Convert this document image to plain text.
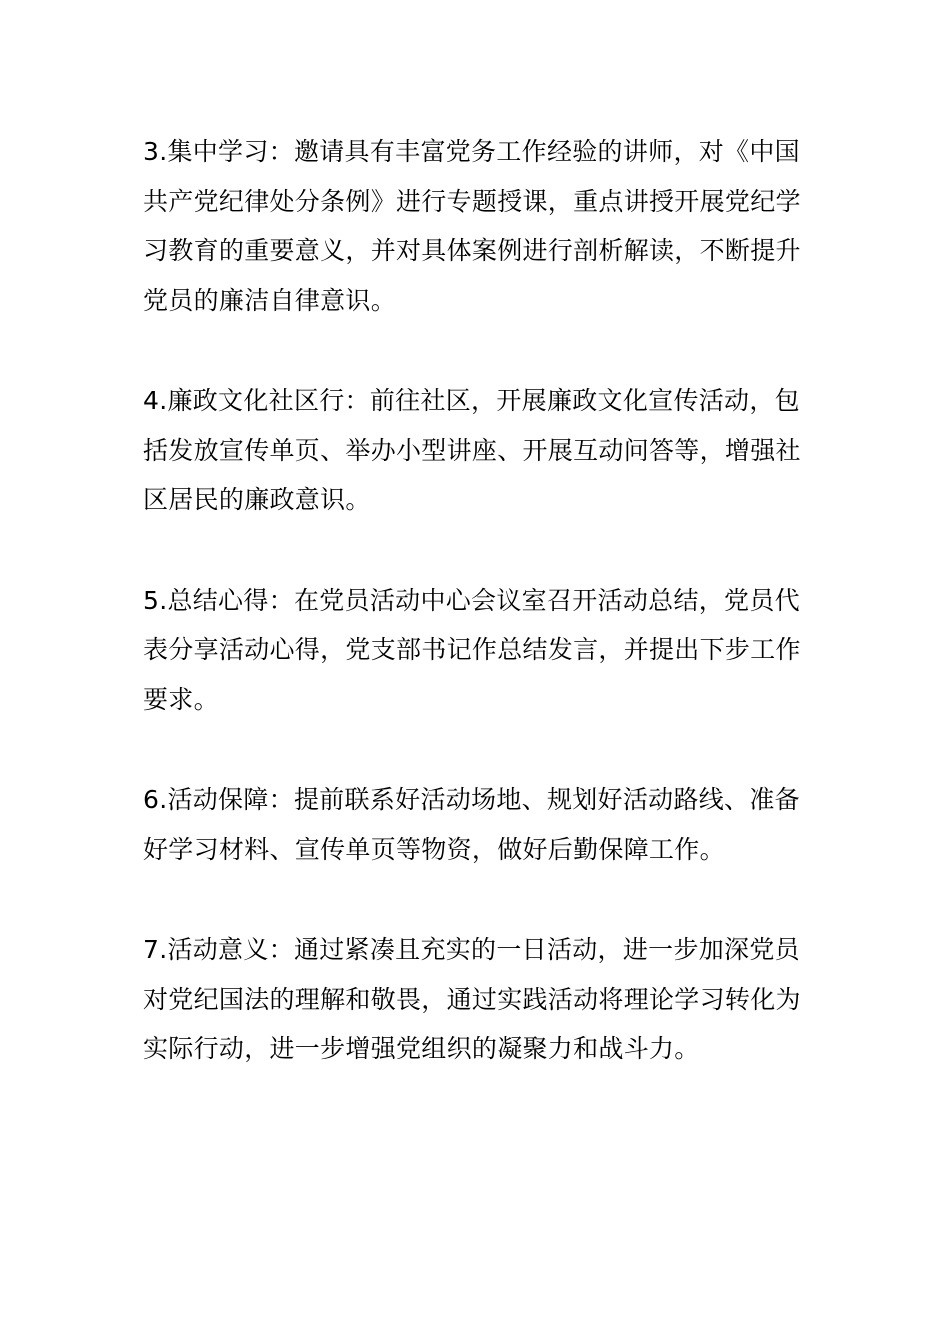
3.集中学习：邀请具有丰富党务工作经验的讲师，对《中国共产党纪律处分条例》进行专题授课，重点讲授开展党纪学习教育的重要意义，并对具体案例进行剖析解读，不断提升党员的廉洁自律意识。

4.廉政文化社区行：前往社区，开展廉政文化宣传活动，包括发放宣传单页、举办小型讲座、开展互动问答等，增强社区居民的廉政意识。

5.总结心得：在党员活动中心会议室召开活动总结，党员代表分享活动心得，党支部书记作总结发言，并提出下步工作要求。

6.活动保障：提前联系好活动场地、规划好活动路线、准备好学习材料、宣传单页等物资，做好后勤保障工作。

7.活动意义：通过紧凑且充实的一日活动，进一步加深党员对党纪国法的理解和敬畏，通过实践活动将理论学习转化为实际行动，进一步增强党组织的凝聚力和战斗力。
